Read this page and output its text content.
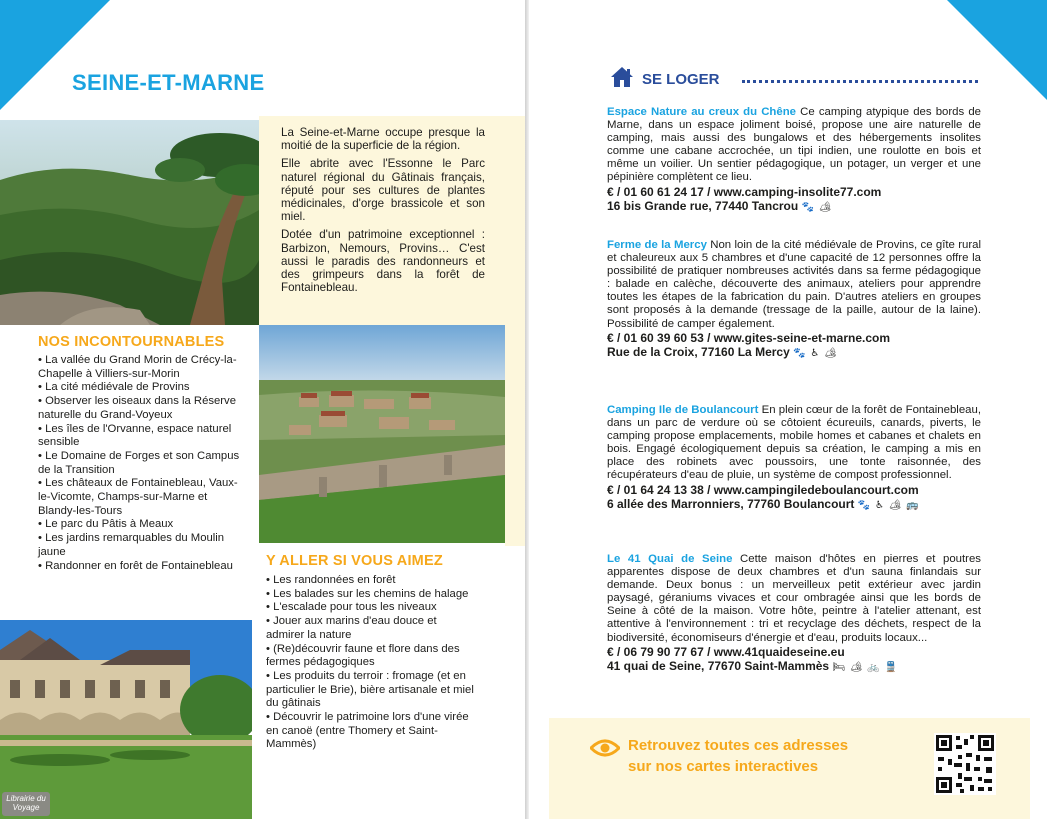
SEINE-ET-MARNE

La Seine-et-Marne occupe presque la moitié de la superficie de la région.

Elle abrite avec l'Essonne le Parc naturel régional du Gâtinais français, réputé pour ses cultures de plantes médicinales, d'orge brassicole et son miel.

Dotée d'un patrimoine exceptionnel : Barbizon, Nemours, Provins… C'est aussi le paradis des randonneurs et des grimpeurs dans la forêt de Fontainebleau.

NOS INCONTOURNABLES
• La vallée du Grand Morin de Crécy-la-Chapelle à Villiers-sur-Morin
• La cité médiévale de Provins
• Observer les oiseaux dans la Réserve naturelle du Grand-Voyeux
• Les îles de l'Orvanne, espace naturel sensible
• Le Domaine de Forges et son Campus de la Transition
• Les châteaux de Fontainebleau, Vaux-le-Vicomte, Champs-sur-Marne et Blandy-les-Tours
• Le parc du Pâtis à Meaux
• Les jardins remarquables du Moulin jaune
• Randonner en forêt de Fontainebleau	Y ALLER SI VOUS AIMEZ
• Les randonnées en forêt
• Les balades sur les chemins de halage
• L'escalade pour tous les niveaux
• Jouer aux marins d'eau douce et admirer la nature
• (Re)découvrir faune et flore dans des fermes pédagogiques
• Les produits du terroir : fromage (et en particulier le Brie), bière artisanale et miel du gâtinais
• Découvrir le patrimoine lors d'une virée en canoë (entre Thomery et Saint-Mammès)
Librairie du Voyage
SE LOGER
Espace Nature au creux du Chêne Ce camping atypique des bords de Marne, dans un espace joliment boisé, propose une aire naturelle de camping, mais aussi des bungalows et des hébergements insolites comme une cabane accrochée, un tipi indien, une roulotte en bois et même un voilier. Un sentier pédagogique, un potager, un verger et une pépinière complètent ce lieu.
€ / 01 60 61 24 17 / www.camping-insolite77.com
16 bis Grande rue, 77440 Tancrou 🐾 🏕
Ferme de la Mercy Non loin de la cité médiévale de Provins, ce gîte rural et chaleureux aux 5 chambres et d'une capacité de 12 personnes offre la possibilité de pratiquer nombreuses activités dans sa ferme pédagogique : balade en calèche, découverte des animaux, ateliers pour apprendre toutes les étapes de la fabrication du pain. D'autres ateliers en groupes sont proposés à la demande (tressage de la paille, autour de la laine). Possibilité de camper également.
€ / 01 60 39 60 53 / www.gites-seine-et-marne.com
Rue de la Croix, 77160 La Mercy 🐾 ♿ 🏕
Camping Ile de Boulancourt En plein cœur de la forêt de Fontainebleau, dans un parc de verdure où se côtoient écureuils, canards, piverts, le camping propose emplacements, mobile homes et cabanes et chalets en bois. Engagé écologiquement depuis sa création, le camping a mis en place des robinets avec poussoirs, une tonte raisonnée, des récupérateurs d'eau de pluie, un système de compost professionnel.
€ / 01 64 24 13 38 / www.campingiledeboulancourt.com
6 allée des Marronniers, 77760 Boulancourt 🐾 ♿ 🏕 🚌
Le 41 Quai de Seine Cette maison d'hôtes en pierres et poutres apparentes dispose de deux chambres et d'un sauna finlandais sur demande. Deux bonus : un merveilleux petit extérieur avec jardin paysagé, géraniums vivaces et cour ombragée ainsi que les bords de Seine à côté de la maison. Votre hôte, peintre à l'atelier attenant, est attentive à l'environnement : tri et recyclage des déchets, respect de la biodiversité, économiseurs d'énergie et d'eau, produits locaux...
€ / 06 79 90 77 67 / www.41quaideseine.eu
41 quai de Seine, 77670 Saint-Mammès 🛏 🏕 🚲 🚆
Retrouvez toutes ces adresses
sur nos cartes interactives
